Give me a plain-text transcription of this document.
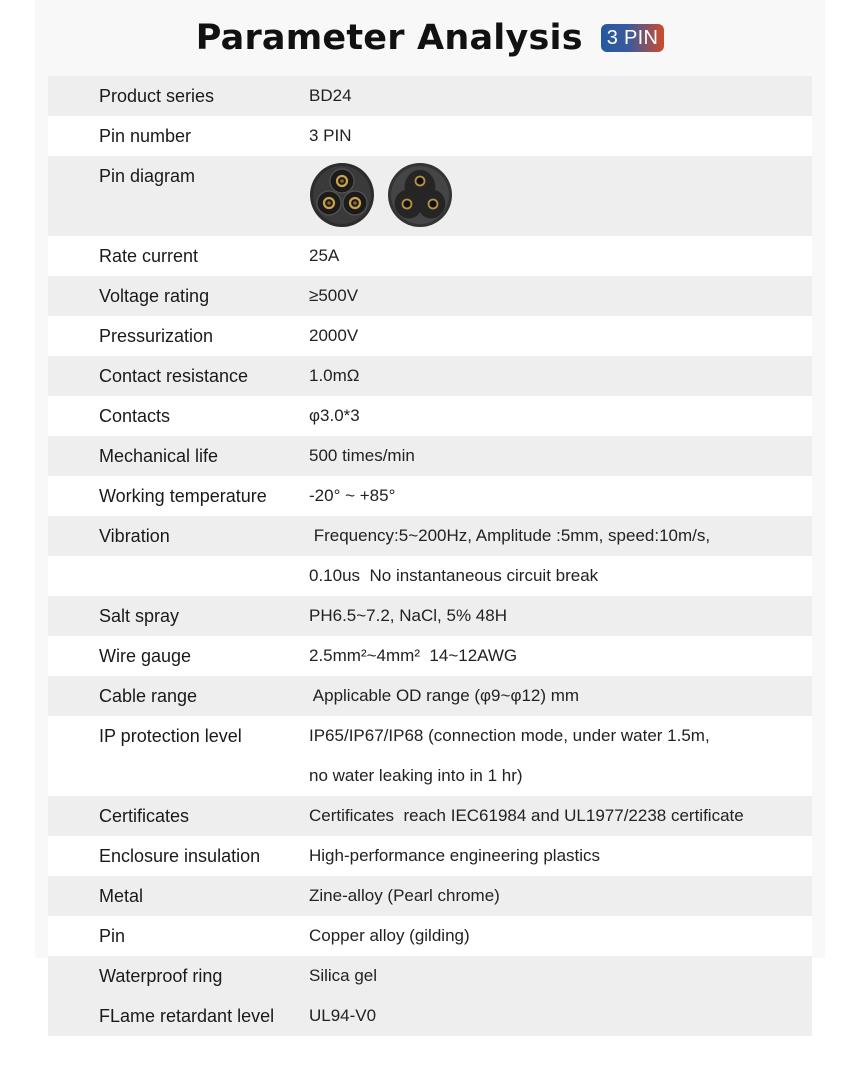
Parameter Analysis	3 PIN
Product series	BD24
Pin number	3 PIN
Pin diagram
Rate current	25A
Voltage rating	≥500V
Pressurization	2000V
Contact resistance	1.0mΩ
Contacts	φ3.0*3
Mechanical life	500 times/min
Working temperature	-20° ~ +85°
Vibration	Frequency:5~200Hz, Amplitude :5mm, speed:10m/s,
0.10us  No instantaneous circuit break
Salt spray	PH6.5~7.2, NaCl, 5% 48H
Wire gauge	2.5mm²~4mm²  14~12AWG
Cable range	Applicable OD range (φ9~φ12) mm
IP protection level	IP65/IP67/IP68 (connection mode, under water 1.5m,
no water leaking into in 1 hr)
Certificates	Certificates  reach IEC61984 and UL1977/2238 certificate
Enclosure insulation	High-performance engineering plastics
Metal	Zine-alloy (Pearl chrome)
Pin	Copper alloy (gilding)
Waterproof ring	Silica gel
FLame retardant level	UL94-V0
